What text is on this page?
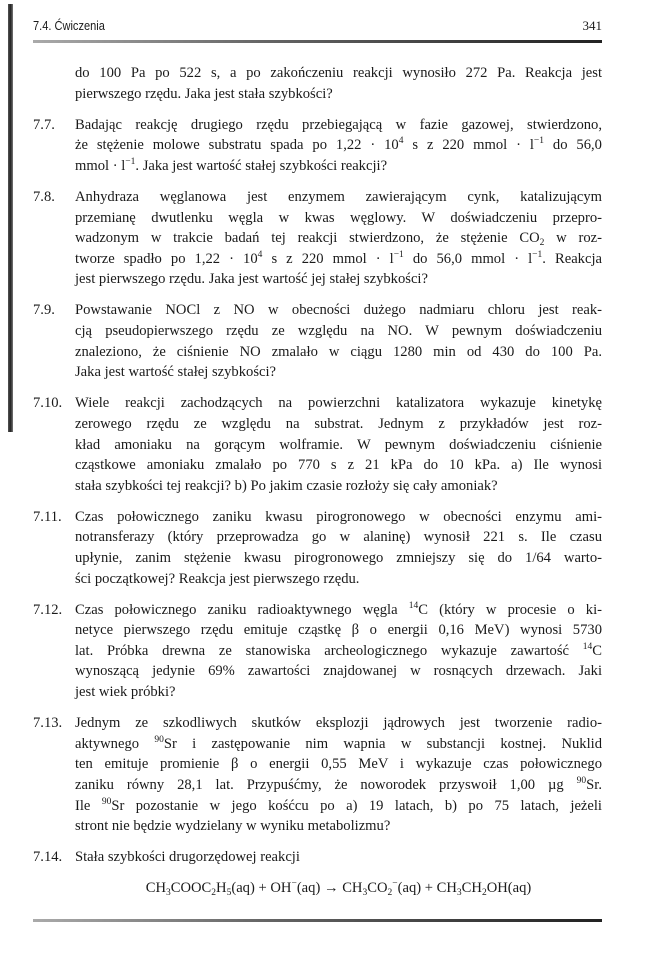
7.4. Ćwiczenia	341
do 100 Pa po 522 s, a po zakończeniu reakcji wynosiło 272 Pa. Reakcja jest
pierwszego rzędu. Jaka jest stała szybkości?
7.7. Badając reakcję drugiego rzędu przebiegającą w fazie gazowej, stwierdzono,
że stężenie molowe substratu spada po $1,22 \cdot 10^4$ s z 220 mmol · $l^{-1}$ do 56,0
mmol · $l^{-1}$. Jaka jest wartość stałej szybkości reakcji?
7.8. Anhydraza węglanowa jest enzymem zawierającym cynk, katalizującym
przemianę dwutlenku węgla w kwas węglowy. W doświadczeniu przepro-
wadzonym w trakcie badań tej reakcji stwierdzono, że stężenie $CO_2$ w roz-
tworze spadło po $1,22 \cdot 10^4$ s z 220 mmol · $l^{-1}$ do 56,0 mmol · $l^{-1}$. Reakcja
jest pierwszego rzędu. Jaka jest wartość jej stałej szybkości?
7.9. Powstawanie NOCl z NO w obecności dużego nadmiaru chloru jest reak-
cją pseudopierwszego rzędu ze względu na NO. W pewnym doświadczeniu
znaleziono, że ciśnienie NO zmalało w ciągu 1280 min od 430 do 100 Pa.
Jaka jest wartość stałej szybkości?
7.10. Wiele reakcji zachodzących na powierzchni katalizatora wykazuje kinetykę
zerowego rzędu ze względu na substrat. Jednym z przykładów jest roz-
kład amoniaku na gorącym wolframie. W pewnym doświadczeniu ciśnienie
cząstkowe amoniaku zmalało po 770 s z 21 kPa do 10 kPa. a) Ile wynosi
stała szybkości tej reakcji? b) Po jakim czasie rozłoży się cały amoniak?
7.11. Czas połowicznego zaniku kwasu pirogronowego w obecności enzymu ami-
notransferazy (który przeprowadza go w alaninę) wynosił 221 s. Ile czasu
upłynie, zanim stężenie kwasu pirogronowego zmniejszy się do 1/64 warto-
ści początkowej? Reakcja jest pierwszego rzędu.
7.12. Czas połowicznego zaniku radioaktywnego węgla $^{14}$C (który w procesie o ki-
netyce pierwszego rzędu emituje cząstkę β o energii 0,16 MeV) wynosi 5730
lat. Próbka drewna ze stanowiska archeologicznego wykazuje zawartość $^{14}$C
wynoszącą jedynie 69% zawartości znajdowanej w rosnących drzewach. Jaki
jest wiek próbki?
7.13. Jednym ze szkodliwych skutków eksplozji jądrowych jest tworzenie radio-
aktywnego $^{90}$Sr i zastępowanie nim wapnia w substancji kostnej. Nuklid
ten emituje promienie β o energii 0,55 MeV i wykazuje czas połowicznego
zaniku równy 28,1 lat. Przypuśćmy, że noworodek przyswoił 1,00 µg $^{90}$Sr.
Ile $^{90}$Sr pozostanie w jego kośćcu po a) 19 latach, b) po 75 latach, jeżeli
stront nie będzie wydzielany w wyniku metabolizmu?
7.14. Stała szybkości drugorzędowej reakcji
$CH_3COOC_2H_5(aq) + OH^-(aq) \to CH_3CO_2^-(aq) + CH_3CH_2OH(aq)$
